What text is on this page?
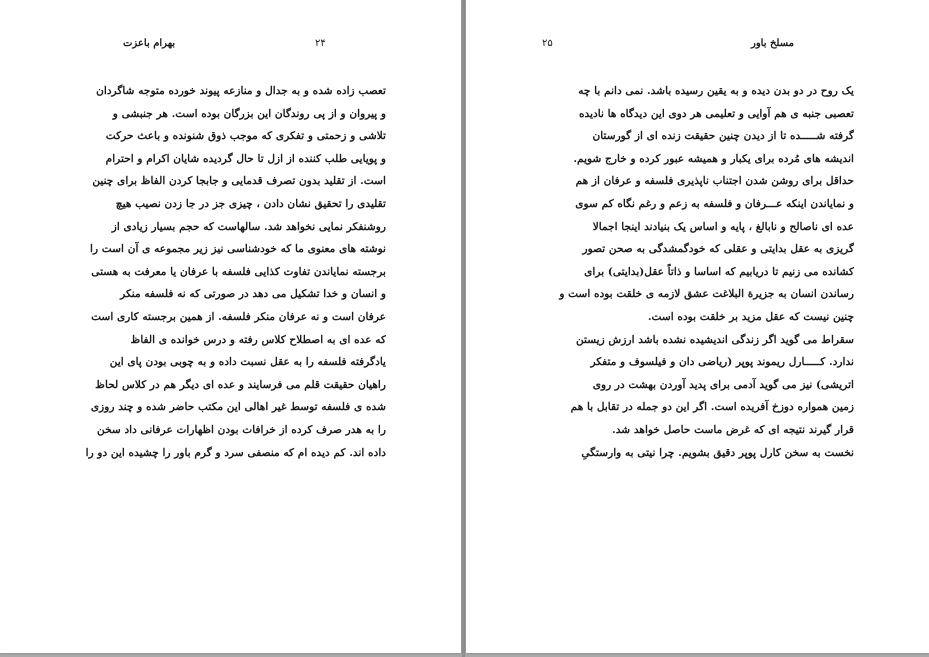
بهرام باعزت	۲۴
تعصب زاده شده و به جدال و منازعه پیوند خورده متوجه شاگردان
و پیروان و از پی روندگان این بزرگان بوده است. هر جنبشی و
تلاشی و زحمتی و تفکری که موجب ذوق شنونده و باعث حرکت
و پویایی طلب کننده از ازل تا حال گردیده شایان اکرام و احترام
است. از تقلید بدون تصرف قدمایی و جابجا کردن الفاظ برای چنین
تقلیدی را تحقیق نشان دادن ، چیزی جز در جا زدن نصیب هیچ
روشنفکر نمایی نخواهد شد. سالهاست که حجم بسیار زیادی از
نوشته های معنوی ما که خودشناسی نیز زیر مجموعه ی آن است را
برجسته نمایاندن تفاوت کذایی فلسفه با عرفان یا معرفت به هستی
و انسان و خدا تشکیل می دهد در صورتی که نه فلسفه منکر
عرفان است و نه عرفان منکر فلسفه. از همین برجسته کاری است
که عده ای به اصطلاح کلاس رفته و درس خوانده ی الفاظ
یادگرفته فلسفه را به عقل نسبت داده و به چوبی بودن پای این
راهیان حقیقت قلم می فرسایند و عده ای دیگر هم در کلاس لحاظ
شده ی فلسفه توسط غیر اهالی این مکتب حاضر شده و چند روزی
را به هدر صرف کرده از خرافات بودن اظهارات عرفانی داد سخن
داده اند. کم دیده ام که منصفی سرد و گرم باور را چشیده این دو را
مسلخ باور
۲۵
یک روح در دو بدن دیده و به یقین رسیده باشد. نمی دانم با چه
تعصبی جنبه ی هم آوایی و تعلیمی هر دوی این دیدگاه ها نادیده
گرفته شـــــده تا از دیدن چنین حقیقت زنده ای از گورستان
اندیشه های مُرده برای یکبار و همیشه عبور کرده و خارج شویم.
حداقل برای روشن شدن اجتناب ناپذیری فلسفه و عرفان از هم
و نمایاندن اینکه عـــرفان و فلسفه به زعم و رغم نگاه کم سوی
عده ای ناصالح و نابالغ ، پایه و اساس یک بنیادند اینجا اجمالا
گریزی به عقل بدایتی و عقلی که خودگمشدگی به صحن تصور
کشانده می زنیم تا دریابیم که اساسا و ذاتاً عقل(بدایتی) برای
رساندن انسان به جزیرة البلاغت عشق لازمه ی خلقت بوده است و
چنین نیست که عقل مزید بر خلقت بوده است.
سقراط می گوید اگر زندگی اندیشیده نشده باشد ارزش زیستن
ندارد. کـــــارل ریموند پوپر (ریاضی دان و فیلسوف و متفکر
اتریشی) نیز می گوید آدمی برای پدید آوردن بهشت در روی
زمین همواره دوزخ آفریده است. اگر این دو جمله در تقابل با هم
قرار گیرند نتیجه ای که غرض ماست حاصل خواهد شد.
نخست به سخن کارل پوپر دقیق بشویم. چرا نیتی به وارستگیِ
